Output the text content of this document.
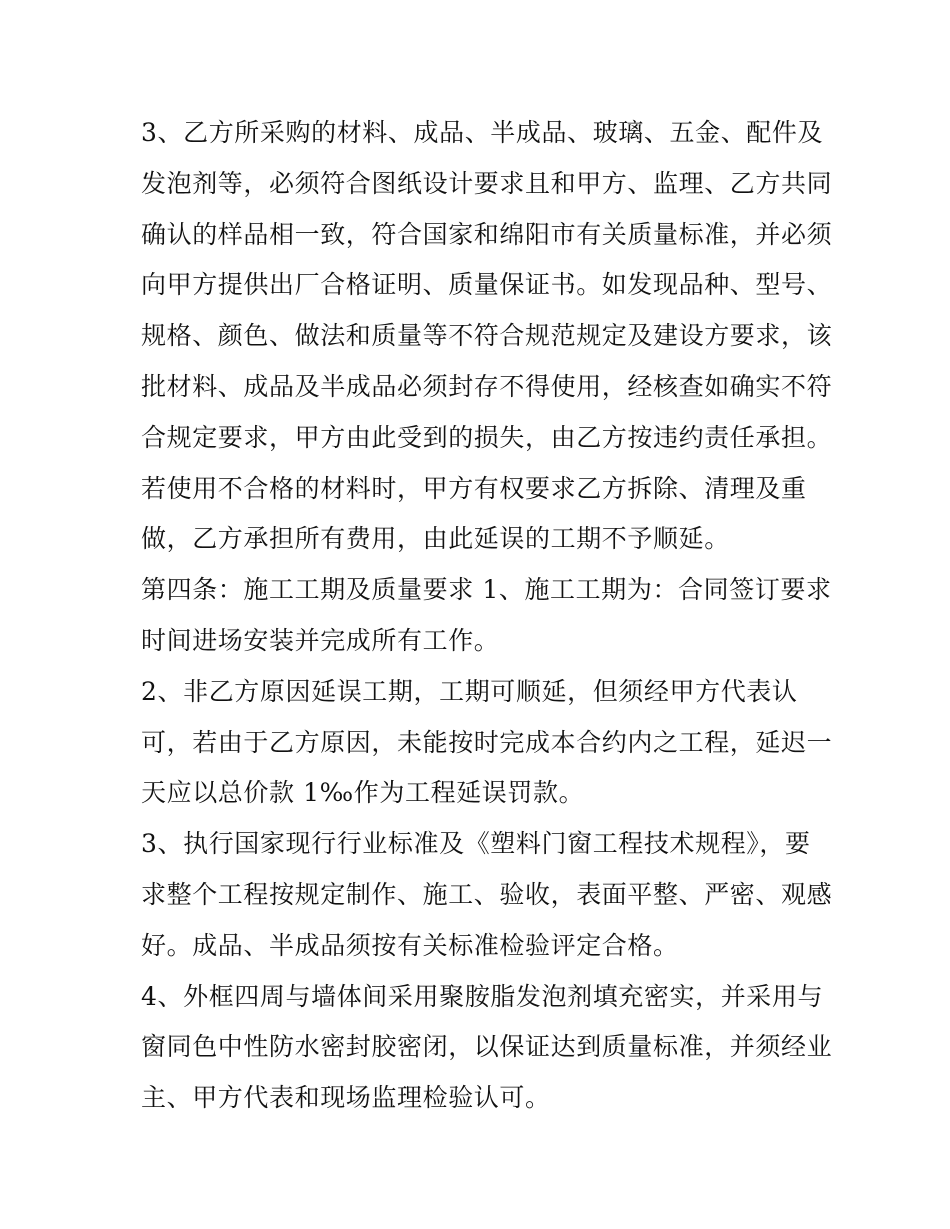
3、乙方所采购的材料、成品、半成品、玻璃、五金、配件及
发泡剂等，必须符合图纸设计要求且和甲方、监理、乙方共同
确认的样品相一致，符合国家和绵阳市有关质量标准，并必须
向甲方提供出厂合格证明、质量保证书。如发现品种、型号、
规格、颜色、做法和质量等不符合规范规定及建设方要求，该
批材料、成品及半成品必须封存不得使用，经核查如确实不符
合规定要求，甲方由此受到的损失，由乙方按违约责任承担。
若使用不合格的材料时，甲方有权要求乙方拆除、清理及重
做，乙方承担所有费用，由此延误的工期不予顺延。
第四条：施工工期及质量要求 1、施工工期为：合同签订要求
时间进场安装并完成所有工作。
2、非乙方原因延误工期，工期可顺延，但须经甲方代表认
可，若由于乙方原因，未能按时完成本合约内之工程，延迟一
天应以总价款 1‰作为工程延误罚款。
3、执行国家现行行业标准及《塑料门窗工程技术规程》，要
求整个工程按规定制作、施工、验收，表面平整、严密、观感
好。成品、半成品须按有关标准检验评定合格。
4、外框四周与墙体间采用聚胺脂发泡剂填充密实，并采用与
窗同色中性防水密封胶密闭，以保证达到质量标准，并须经业
主、甲方代表和现场监理检验认可。
